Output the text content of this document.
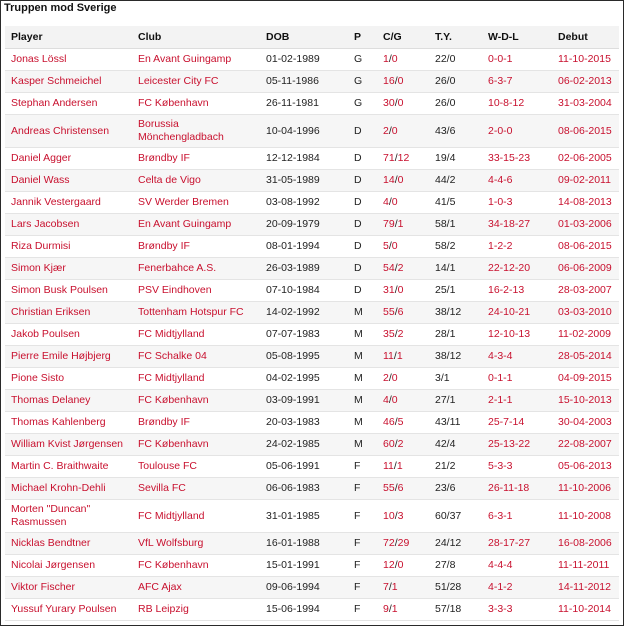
Truppen mod Sverige
Player	Club	DOB	P	C/G	T.Y.	W-D-L	Debut
Jonas Lössl	En Avant Guingamp	01-02-1989	G	1/0	22/0	0-0-1	11-10-2015
Kasper Schmeichel	Leicester City FC	05-11-1986	G	16/0	26/0	6-3-7	06-02-2013
Stephan Andersen	FC København	26-11-1981	G	30/0	26/0	10-8-12	31-03-2004
Andreas Christensen	Borussia Mönchengladbach	10-04-1996	D	2/0	43/6	2-0-0	08-06-2015
Daniel Agger	Brøndby IF	12-12-1984	D	71/12	19/4	33-15-23	02-06-2005
Daniel Wass	Celta de Vigo	31-05-1989	D	14/0	44/2	4-4-6	09-02-2011
Jannik Vestergaard	SV Werder Bremen	03-08-1992	D	4/0	41/5	1-0-3	14-08-2013
Lars Jacobsen	En Avant Guingamp	20-09-1979	D	79/1	58/1	34-18-27	01-03-2006
Riza Durmisi	Brøndby IF	08-01-1994	D	5/0	58/2	1-2-2	08-06-2015
Simon Kjær	Fenerbahce A.S.	26-03-1989	D	54/2	14/1	22-12-20	06-06-2009
Simon Busk Poulsen	PSV Eindhoven	07-10-1984	D	31/0	25/1	16-2-13	28-03-2007
Christian Eriksen	Tottenham Hotspur FC	14-02-1992	M	55/6	38/12	24-10-21	03-03-2010
Jakob Poulsen	FC Midtjylland	07-07-1983	M	35/2	28/1	12-10-13	11-02-2009
Pierre Emile Højbjerg	FC Schalke 04	05-08-1995	M	11/1	38/12	4-3-4	28-05-2014
Pione Sisto	FC Midtjylland	04-02-1995	M	2/0	3/1	0-1-1	04-09-2015
Thomas Delaney	FC København	03-09-1991	M	4/0	27/1	2-1-1	15-10-2013
Thomas Kahlenberg	Brøndby IF	20-03-1983	M	46/5	43/11	25-7-14	30-04-2003
William Kvist Jørgensen	FC København	24-02-1985	M	60/2	42/4	25-13-22	22-08-2007
Martin C. Braithwaite	Toulouse FC	05-06-1991	F	11/1	21/2	5-3-3	05-06-2013
Michael Krohn-Dehli	Sevilla FC	06-06-1983	F	55/6	23/6	26-11-18	11-10-2006
Morten "Duncan" Rasmussen	FC Midtjylland	31-01-1985	F	10/3	60/37	6-3-1	11-10-2008
Nicklas Bendtner	VfL Wolfsburg	16-01-1988	F	72/29	24/12	28-17-27	16-08-2006
Nicolai Jørgensen	FC København	15-01-1991	F	12/0	27/8	4-4-4	11-11-2011
Viktor Fischer	AFC Ajax	09-06-1994	F	7/1	51/28	4-1-2	14-11-2012
Yussuf Yurary Poulsen	RB Leipzig	15-06-1994	F	9/1	57/18	3-3-3	11-10-2014
